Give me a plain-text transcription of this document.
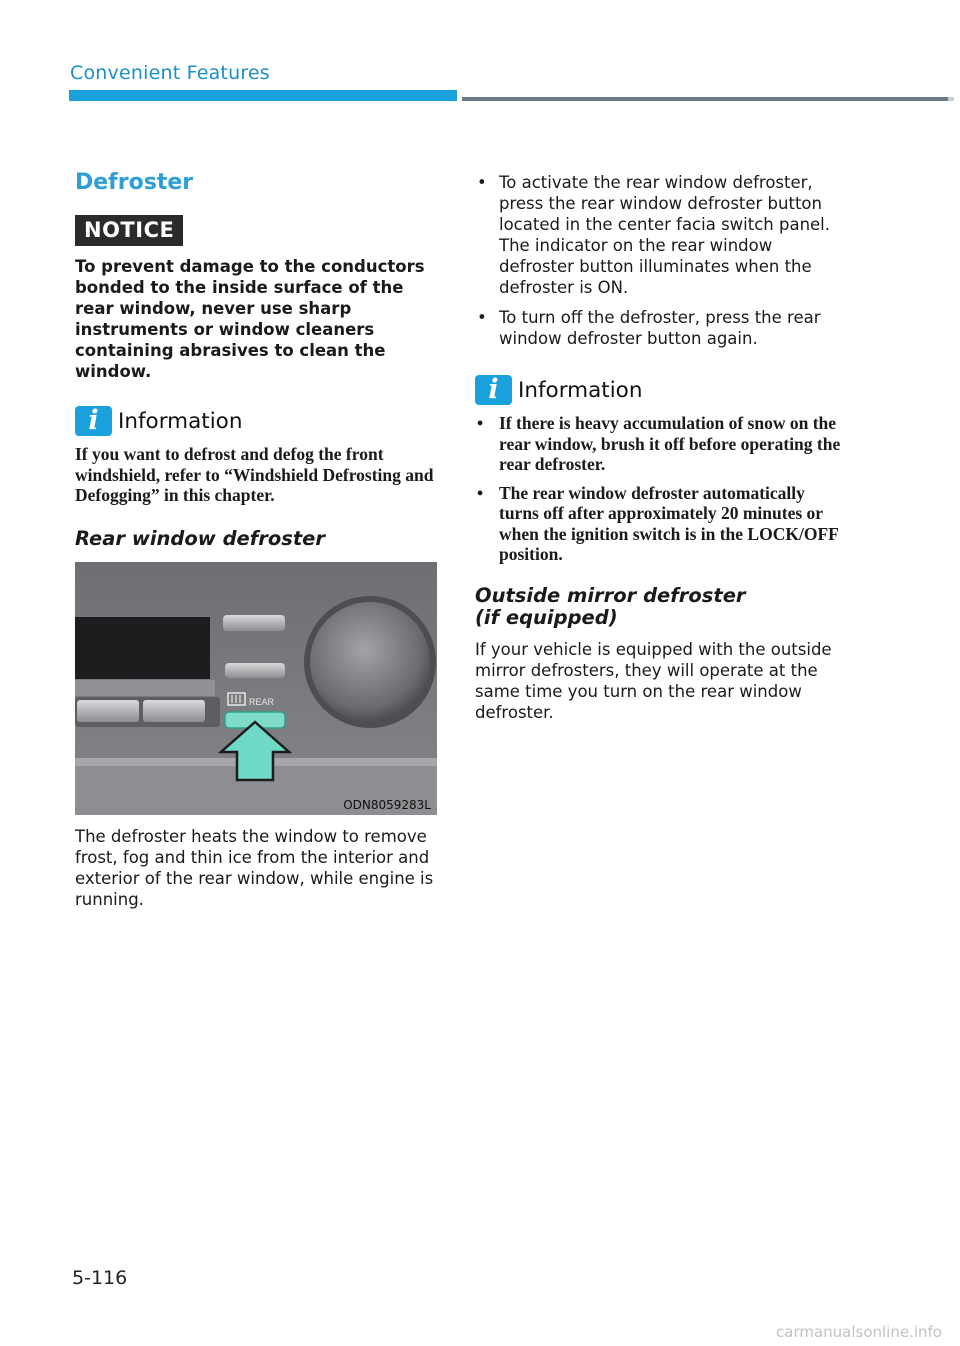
Convenient Features
Defroster
NOTICE

To prevent damage to the conductors bonded to the inside surface of the rear window, never use sharp instruments or window cleaners containing abrasives to clean the window.

i Information

If you want to defrost and defog the front windshield, refer to “Windshield Defrosting and Defogging” in this chapter.

Rear window defroster
REAR
ODN8059283L

The defroster heats the window to remove frost, fog and thin ice from the interior and exterior of the rear window, while engine is running.

• To activate the rear window defroster, press the rear window defroster button located in the center facia switch panel. The indicator on the rear window defroster button illuminates when the defroster is ON.
• To turn off the defroster, press the rear window defroster button again.
i Information
• If there is heavy accumulation of snow on the rear window, brush it off before operating the rear defroster.
• The rear window defroster automatically turns off after approximately 20 minutes or when the ignition switch is in the LOCK/OFF position.
Outside mirror defroster
(if equipped)

If your vehicle is equipped with the outside mirror defrosters, they will operate at the same time you turn on the rear window defroster.

5-116
carmanualsonline.info
